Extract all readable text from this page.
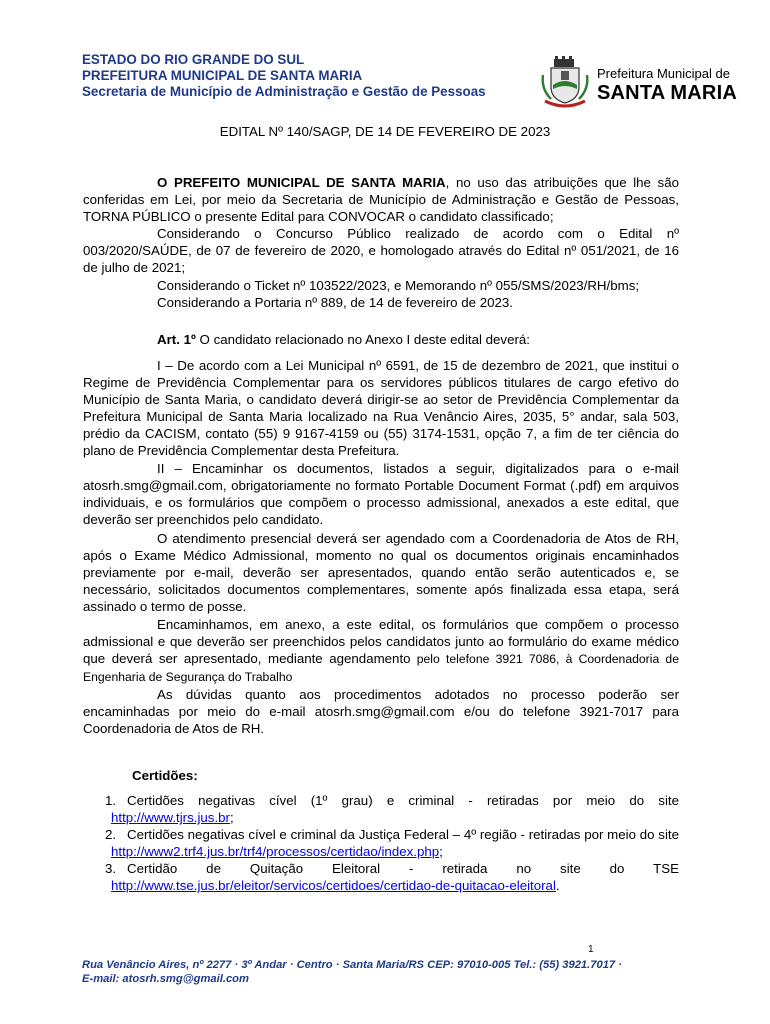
ESTADO DO RIO GRANDE DO SUL
PREFEITURA MUNICIPAL DE SANTA MARIA
Secretaria de Município de Administração e Gestão de Pessoas
Prefeitura Municipal de
SANTA MARIA
EDITAL Nº 140/SAGP, DE 14 DE FEVEREIRO DE 2023

O PREFEITO MUNICIPAL DE SANTA MARIA, no uso das atribuições que lhe são conferidas em Lei, por meio da Secretaria de Município de Administração e Gestão de Pessoas, TORNA PÚBLICO o presente Edital para CONVOCAR o candidato classificado;

Considerando o Concurso Público realizado de acordo com o Edital nº 003/2020/SAÚDE, de 07 de fevereiro de 2020, e homologado através do Edital nº 051/2021, de 16 de julho de 2021;

Considerando o Ticket nº 103522/2023, e Memorando nº 055/SMS/2023/RH/bms;

Considerando a Portaria nº 889, de 14 de fevereiro de 2023.

Art. 1º O candidato relacionado no Anexo I deste edital deverá:

I – De acordo com a Lei Municipal nº 6591, de 15 de dezembro de 2021, que institui o Regime de Previdência Complementar para os servidores públicos titulares de cargo efetivo do Município de Santa Maria, o candidato deverá dirigir-se ao setor de Previdência Complementar da Prefeitura Municipal de Santa Maria localizado na Rua Venâncio Aires, 2035, 5° andar, sala 503, prédio da CACISM, contato (55) 9 9167-4159 ou (55) 3174-1531, opção 7, a fim de ter ciência do plano de Previdência Complementar desta Prefeitura.

II – Encaminhar os documentos, listados a seguir, digitalizados para o e-mail atosrh.smg@gmail.com, obrigatoriamente no formato Portable Document Format (.pdf) em arquivos individuais, e os formulários que compõem o processo admissional, anexados a este edital, que deverão ser preenchidos pelo candidato.

O atendimento presencial deverá ser agendado com a Coordenadoria de Atos de RH, após o Exame Médico Admissional, momento no qual os documentos originais encaminhados previamente por e-mail, deverão ser apresentados, quando então serão autenticados e, se necessário, solicitados documentos complementares, somente após finalizada essa etapa, será assinado o termo de posse.

Encaminhamos, em anexo, a este edital, os formulários que compõem o processo admissional e que deverão ser preenchidos pelos candidatos junto ao formulário do exame médico que deverá ser apresentado, mediante agendamento pelo telefone 3921 7086, à Coordenadoria de Engenharia de Segurança do Trabalho

As dúvidas quanto aos procedimentos adotados no processo poderão ser encaminhadas por meio do e-mail atosrh.smg@gmail.com e/ou do telefone 3921-7017 para Coordenadoria de Atos de RH.

Certidões:
1. Certidões negativas cível (1º grau) e criminal - retiradas por meio do site http://www.tjrs.jus.br;
2. Certidões negativas cível e criminal da Justiça Federal – 4º região - retiradas por meio do site http://www2.trf4.jus.br/trf4/processos/certidao/index.php;
3. Certidão de Quitação Eleitoral - retirada no site do TSE http://www.tse.jus.br/eleitor/servicos/certidoes/certidao-de-quitacao-eleitoral.
1
Rua Venâncio Aires, nº 2277 · 3º Andar · Centro · Santa Maria/RS CEP: 97010-005 Tel.: (55) 3921.7017 ·
E-mail: atosrh.smg@gmail.com
